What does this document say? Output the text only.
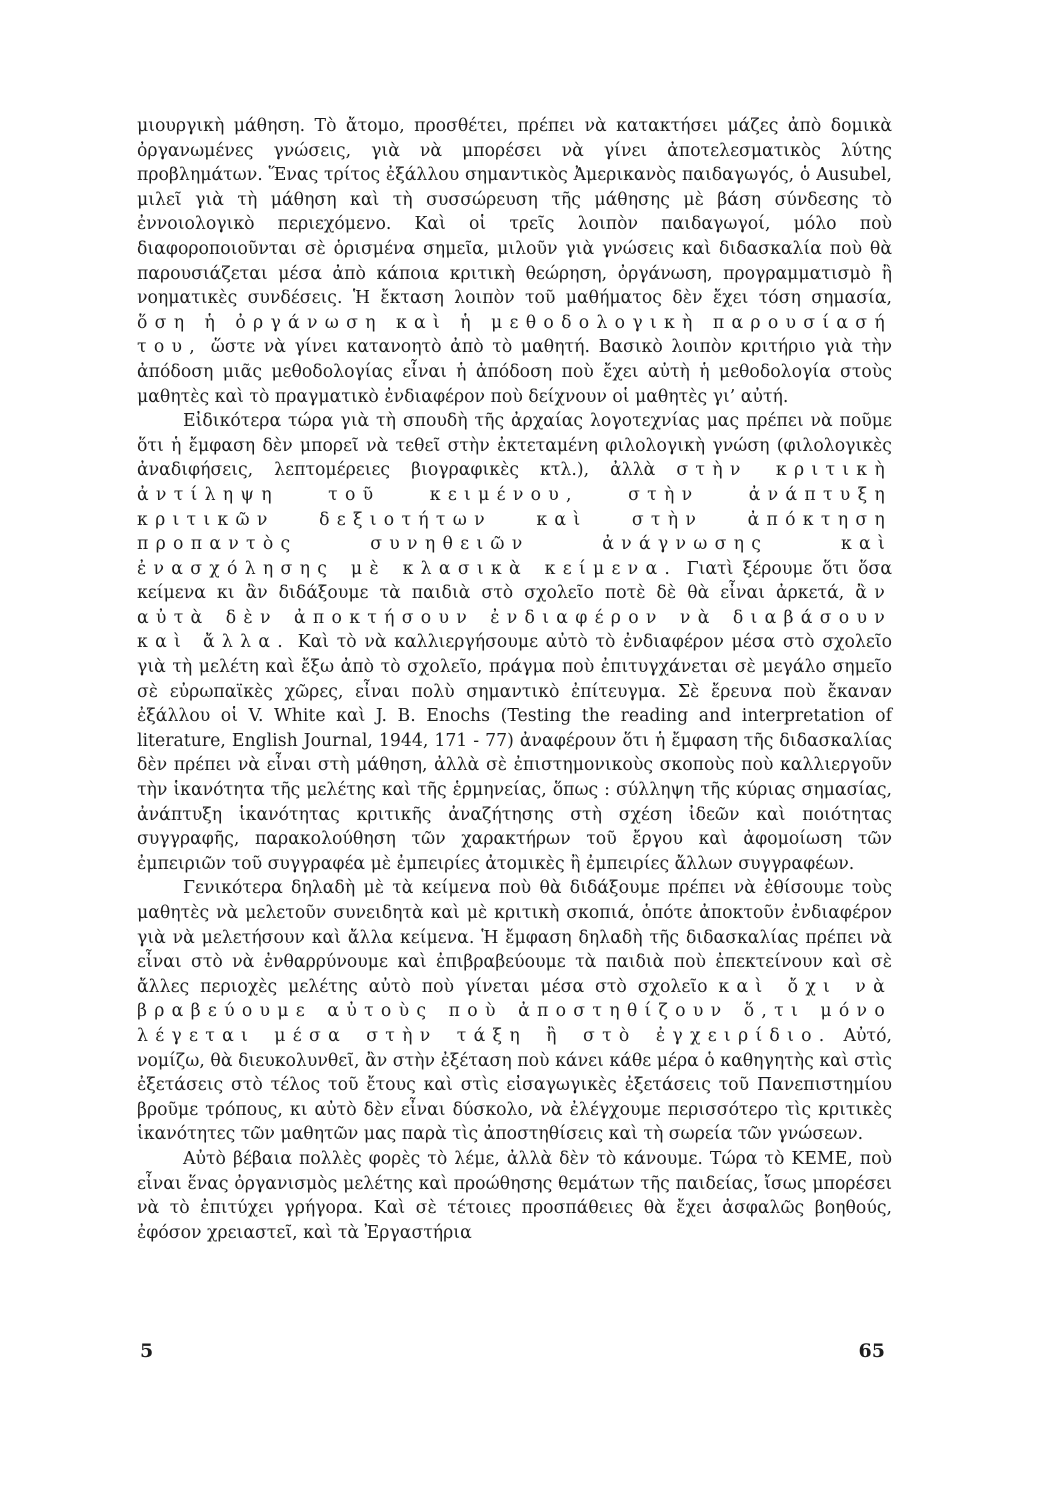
μιουργικὴ μάθηση. Τὸ ἄτομο, προσθέτει, πρέπει νὰ κατακτήσει μάζες ἀπὸ δομικὰ ὀργανωμένες γνώσεις, γιὰ νὰ μπορέσει νὰ γίνει ἀποτελεσματικὸς λύτης προβλημάτων. Ἕνας τρίτος ἐξάλλου σημαντικὸς Ἀμερικανὸς παιδαγωγός, ὁ Ausubel, μιλεῖ γιὰ τὴ μάθηση καὶ τὴ συσσώρευση τῆς μάθησης μὲ βάση σύνδεσης τὸ ἐννοιολογικὸ περιεχόμενο. Καὶ οἱ τρεῖς λοιπὸν παιδαγωγοί, μόλο ποὺ διαφοροποιοῦνται σὲ ὁρισμένα σημεῖα, μιλοῦν γιὰ γνώσεις καὶ διδασκαλία ποὺ θὰ παρουσιάζεται μέσα ἀπὸ κάποια κριτικὴ θεώρηση, ὀργάνωση, προγραμματισμὸ ἢ νοηματικὲς συνδέσεις. Ἡ ἔκταση λοιπὸν τοῦ μαθήματος δὲν ἔχει τόση σημασία, ὅση ἡ ὀργάνωση καὶ ἡ μεθοδολογικὴ παρουσίασή του, ὥστε νὰ γίνει κατανοητὸ ἀπὸ τὸ μαθητή. Βασικὸ λοιπὸν κριτήριο γιὰ τὴν ἀπόδοση μιᾶς μεθοδολογίας εἶναι ἡ ἀπόδοση ποὺ ἔχει αὐτὴ ἡ μεθοδολογία στοὺς μαθητὲς καὶ τὸ πραγματικὸ ἐνδιαφέρον ποὺ δείχνουν οἱ μαθητὲς γι’ αὐτή.

Εἰδικότερα τώρα γιὰ τὴ σπουδὴ τῆς ἀρχαίας λογοτεχνίας μας πρέπει νὰ ποῦμε ὅτι ἡ ἔμφαση δὲν μπορεῖ νὰ τεθεῖ στὴν ἐκτεταμένη φιλολογικὴ γνώση (φιλολογικὲς ἀναδιφήσεις, λεπτομέρειες βιογραφικὲς κτλ.), ἀλλὰ στὴν κριτικὴ ἀντίληψη τοῦ κειμένου, στὴν ἀνάπτυξη κριτικῶν δεξιοτήτων καὶ στὴν ἀπόκτηση προπαντὸς συνηθειῶν ἀνάγνωσης καὶ ἐνασχόλησης μὲ κλασικὰ κείμενα. Γιατὶ ξέρουμε ὅτι ὅσα κείμενα κι ἂν διδάξουμε τὰ παιδιὰ στὸ σχολεῖο ποτὲ δὲ θὰ εἶναι ἀρκετά, ἂν αὐτὰ δὲν ἀποκτήσουν ἐνδιαφέρον νὰ διαβάσουν καὶ ἄλλα. Καὶ τὸ νὰ καλλιεργήσουμε αὐτὸ τὸ ἐνδιαφέρον μέσα στὸ σχολεῖο γιὰ τὴ μελέτη καὶ ἔξω ἀπὸ τὸ σχολεῖο, πράγμα ποὺ ἐπιτυγχάνεται σὲ μεγάλο σημεῖο σὲ εὐρωπαϊκὲς χῶρες, εἶναι πολὺ σημαντικὸ ἐπίτευγμα. Σὲ ἔρευνα ποὺ ἔκαναν ἐξάλλου οἱ V. White καὶ J. B. Enochs (Testing the reading and interpretation of literature, English Journal, 1944, 171 - 77) ἀναφέρουν ὅτι ἡ ἔμφαση τῆς διδασκαλίας δὲν πρέπει νὰ εἶναι στὴ μάθηση, ἀλλὰ σὲ ἐπιστημονικοὺς σκοποὺς ποὺ καλλιεργοῦν τὴν ἱκανότητα τῆς μελέτης καὶ τῆς ἑρμηνείας, ὅπως : σύλληψη τῆς κύριας σημασίας, ἀνάπτυξη ἱκανότητας κριτικῆς ἀναζήτησης στὴ σχέση ἰδεῶν καὶ ποιότητας συγγραφῆς, παρακολούθηση τῶν χαρακτήρων τοῦ ἔργου καὶ ἀφομοίωση τῶν ἐμπειριῶν τοῦ συγγραφέα μὲ ἐμπειρίες ἀτομικὲς ἢ ἐμπειρίες ἄλλων συγγραφέων.

Γενικότερα δηλαδὴ μὲ τὰ κείμενα ποὺ θὰ διδάξουμε πρέπει νὰ ἐθίσουμε τοὺς μαθητὲς νὰ μελετοῦν συνειδητὰ καὶ μὲ κριτικὴ σκοπιά, ὁπότε ἀποκτοῦν ἐνδιαφέρον γιὰ νὰ μελετήσουν καὶ ἄλλα κείμενα. Ἡ ἔμφαση δηλαδὴ τῆς διδασκαλίας πρέπει νὰ εἶναι στὸ νὰ ἐνθαρρύνουμε καὶ ἐπιβραβεύουμε τὰ παιδιὰ ποὺ ἐπεκτείνουν καὶ σὲ ἄλλες περιοχὲς μελέτης αὐτὸ ποὺ γίνεται μέσα στὸ σχολεῖο καὶ ὄχι νὰ βραβεύουμε αὐτοὺς ποὺ ἀποστηθίζουν ὅ,τι μόνο λέγεται μέσα στὴν τάξη ἢ στὸ ἐγχειρίδιο. Αὐτό, νομίζω, θὰ διευκολυνθεῖ, ἂν στὴν ἐξέταση ποὺ κάνει κάθε μέρα ὁ καθηγητὴς καὶ στὶς ἐξετάσεις στὸ τέλος τοῦ ἔτους καὶ στὶς εἰσαγωγικὲς ἐξετάσεις τοῦ Πανεπιστημίου βροῦμε τρόπους, κι αὐτὸ δὲν εἶναι δύσκολο, νὰ ἐλέγχουμε περισσότερο τὶς κριτικὲς ἱκανότητες τῶν μαθητῶν μας παρὰ τὶς ἀποστηθίσεις καὶ τὴ σωρεία τῶν γνώσεων.

Αὐτὸ βέβαια πολλὲς φορὲς τὸ λέμε, ἀλλὰ δὲν τὸ κάνουμε. Τώρα τὸ ΚΕΜΕ, ποὺ εἶναι ἕνας ὀργανισμὸς μελέτης καὶ προώθησης θεμάτων τῆς παιδείας, ἴσως μπορέσει νὰ τὸ ἐπιτύχει γρήγορα. Καὶ σὲ τέτοιες προσπάθειες θὰ ἔχει ἀσφαλῶς βοηθούς, ἐφόσον χρειαστεῖ, καὶ τὰ Ἐργαστήρια

5	65
